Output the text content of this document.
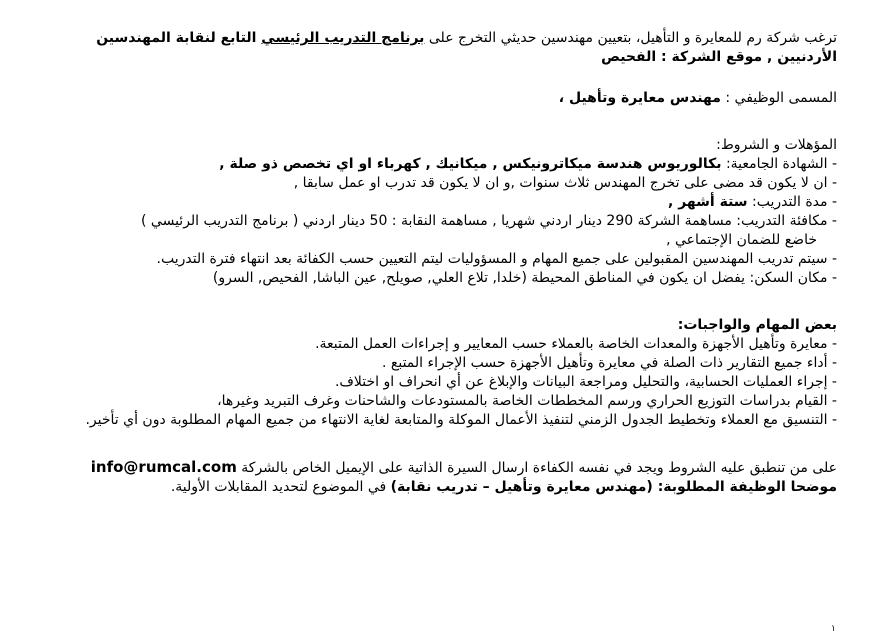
ترغب شركة رم للمعايرة و التأهيل، بتعيين مهندسين حديثي التخرج على برنامج التدريب الرئيسي التابع لنقابة المهندسين الأردنيين , موقع الشركة : الفحيص

المسمى الوظيفي : مهندس معايرة وتأهيل ،

المؤهلات و الشروط:

- الشهادة الجامعية: بكالوريوس هندسة ميكاترونيكس , ميكانيك , كهرباء او اي تخصص ذو صلة ,

- ان لا يكون قد مضى على تخرج المهندس ثلاث سنوات ,و ان لا يكون قد تدرب او عمل سابقا ,

- مدة التدريب: ستة أشهر ,

- مكافئة التدريب: مساهمة الشركة 290 دينار اردني شهريا , مساهمة النقابة : 50 دينار اردني ( برنامج التدريب الرئيسي )

خاضع للضمان الإجتماعي ,

- سيتم تدريب المهندسين المقبولين على جميع المهام و المسؤوليات ليتم التعيين حسب الكفائة بعد انتهاء فترة التدريب.

- مكان السكن: يفضل ان يكون في المناطق المحيطة (خلدا, تلاع العلي, صويلح, عين الباشا, الفحيص, السرو)

بعض المهام والواجبات:

- معايرة وتأهيل الأجهزة والمعدات الخاصة بالعملاء حسب المعايير و إجراءات العمل المتبعة.

- أداء جميع التقارير ذات الصلة في معايرة وتأهيل الأجهزة حسب الإجراء المتبع .

- إجراء العمليات الحسابية، والتحليل ومراجعة البيانات والإبلاغ عن أي انحراف او اختلاف.

- القيام بدراسات التوزيع الحراري ورسم المخططات الخاصة بالمستودعات والشاحنات وغرف التبريد وغيرها،

- التنسيق مع العملاء وتخطيط الجدول الزمني لتنفيذ الأعمال الموكلة والمتابعة لغاية الانتهاء من جميع المهام المطلوبة دون أي تأخير.

على من تنطبق عليه الشروط ويجد في نفسه الكفاءة ارسال السيرة الذاتية على الإيميل الخاص بالشركة info@rumcal.com

موضحا الوظيفة المطلوبة: (مهندس معايرة وتأهيل – تدريب نقابة) في الموضوع لتحديد المقابلات الأولية.

١
